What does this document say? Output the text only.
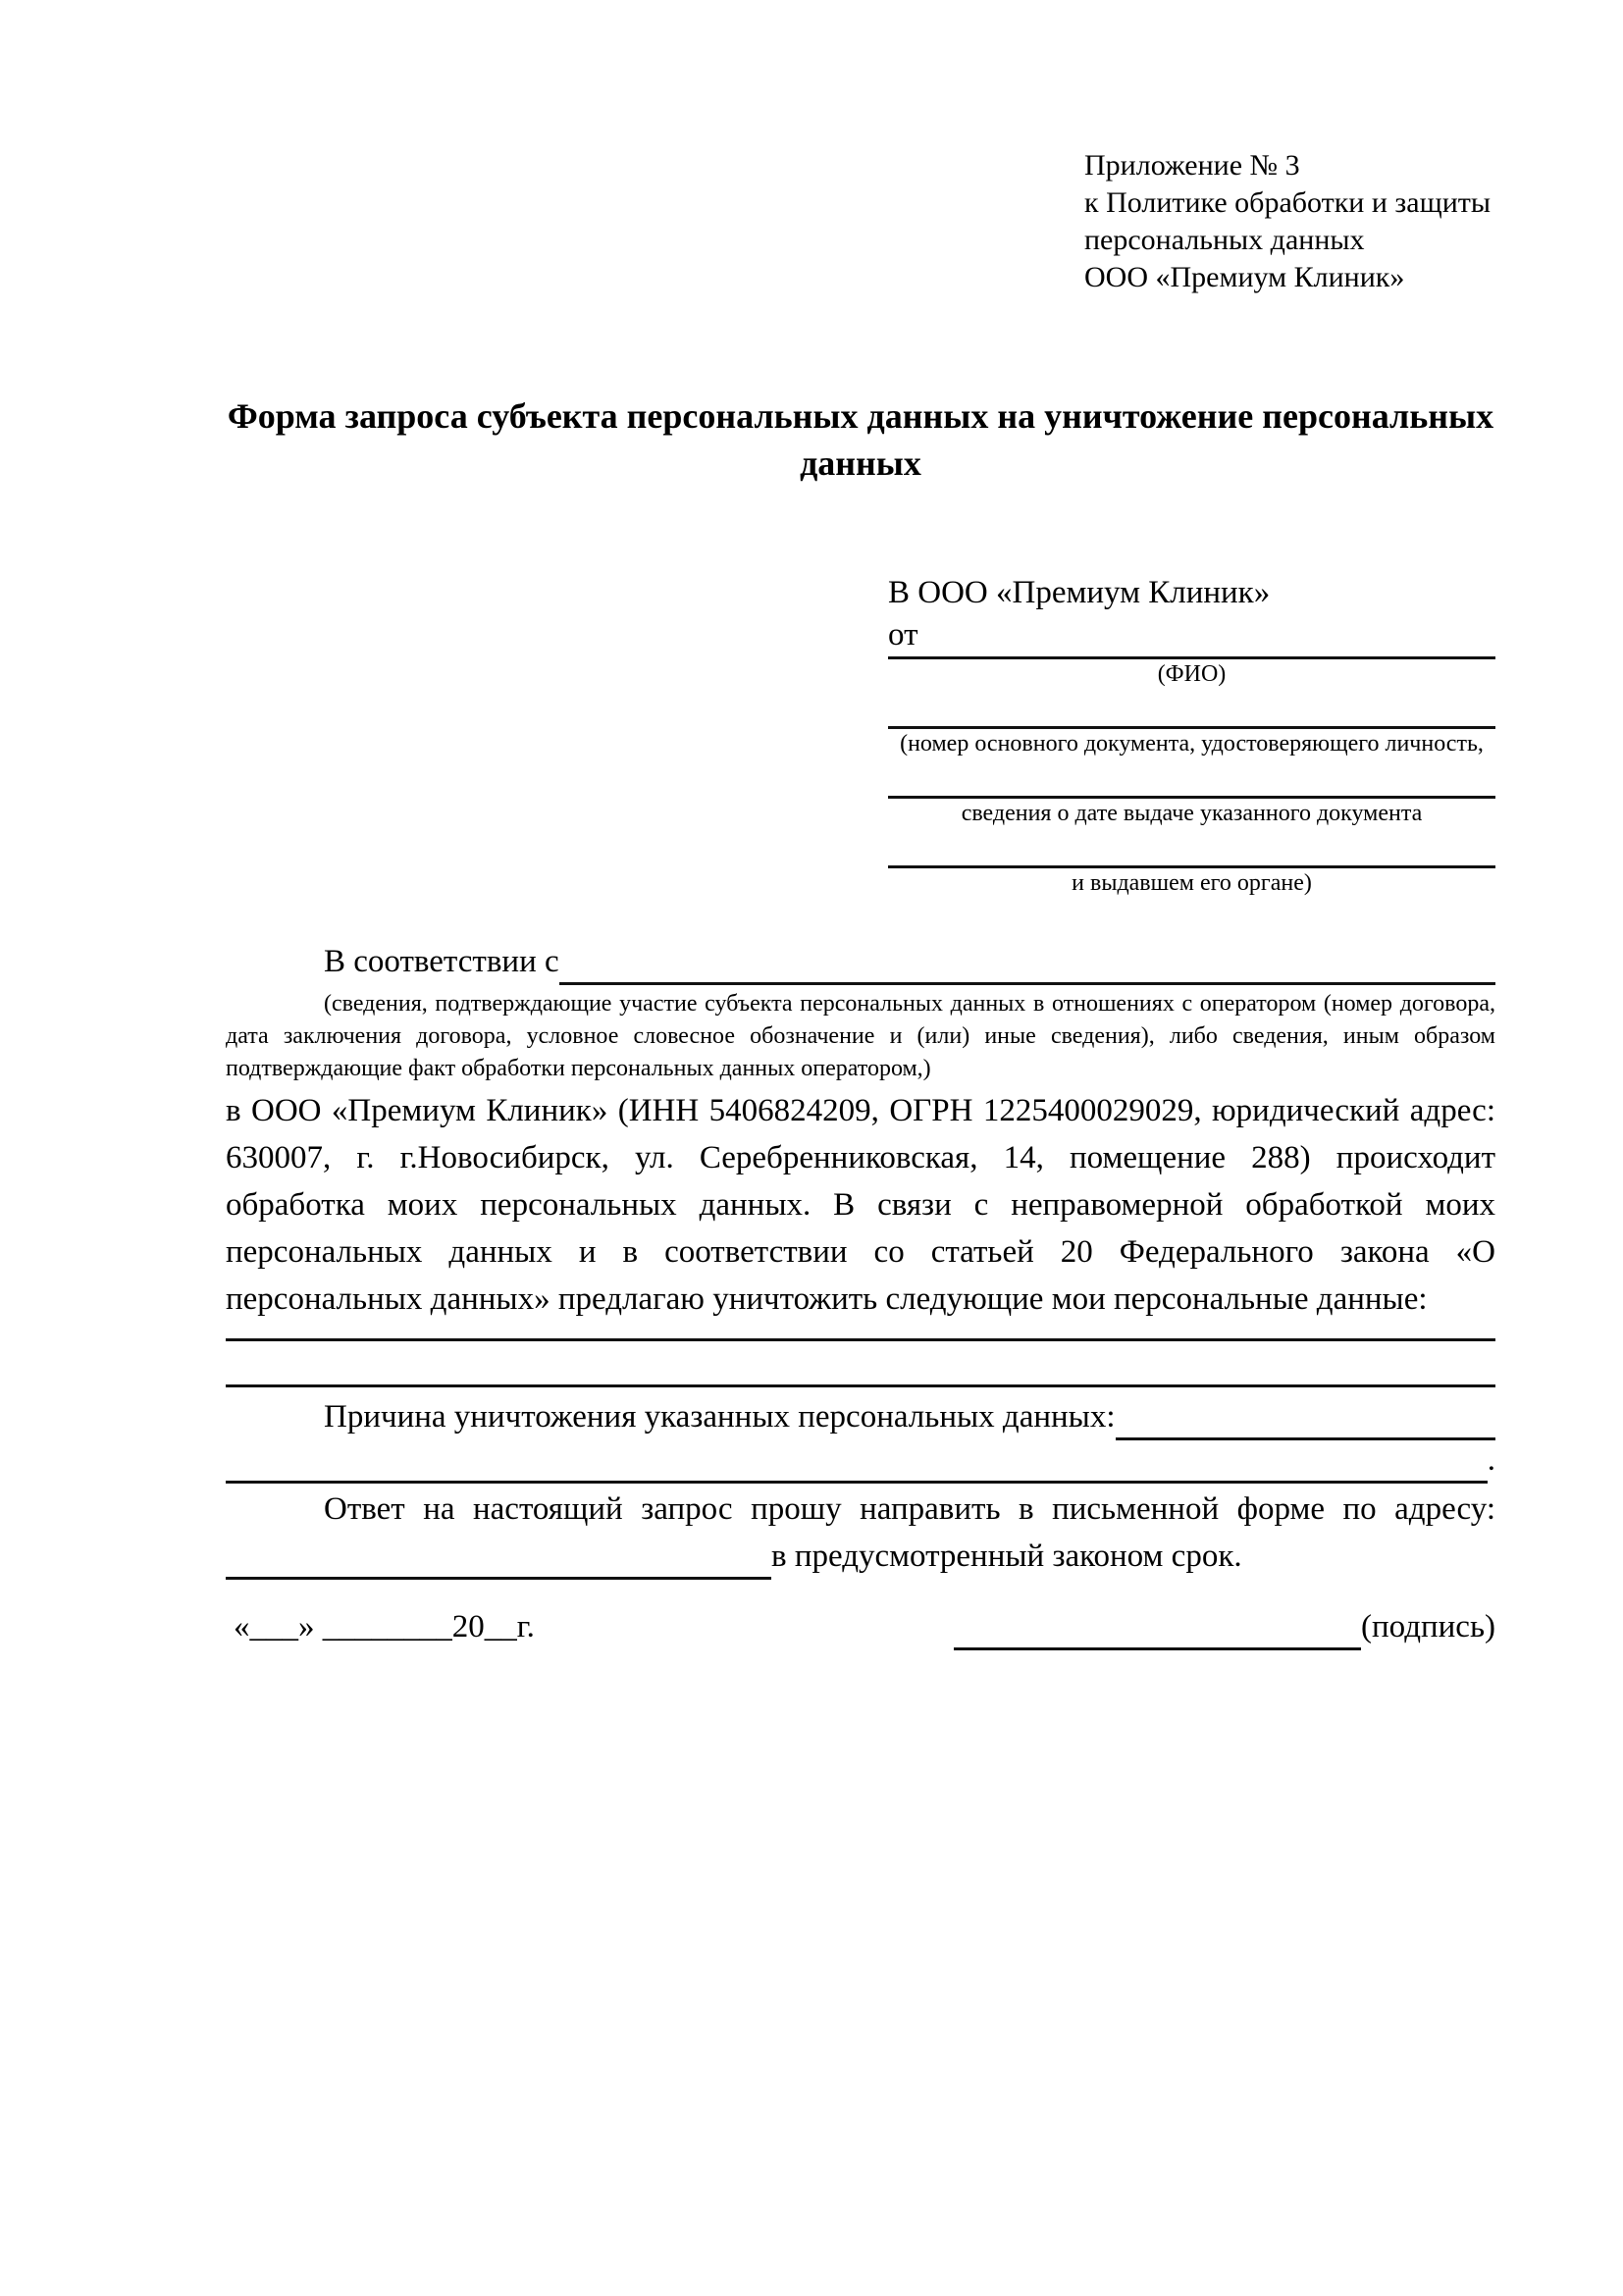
Приложение № 3
к Политике обработки и защиты
персональных данных
ООО «Премиум Клиник»
Форма запроса субъекта персональных данных на уничтожение персональных данных
В ООО «Премиум Клиник»
от
(ФИО)
(номер основного документа, удостоверяющего личность,
сведения о дате выдаче указанного документа
и выдавшем его органе)
В соответствии с

(сведения, подтверждающие участие субъекта персональных данных в отношениях с оператором (номер договора, дата заключения договора, условное словесное обозначение и (или) иные сведения), либо сведения, иным образом подтверждающие факт обработки персональных данных оператором,)

в ООО «Премиум Клиник» (ИНН 5406824209, ОГРН 1225400029029, юридический адрес: 630007, г. г.Новосибирск, ул. Серебренниковская, 14, помещение 288) происходит обработка моих персональных данных. В связи с неправомерной обработкой моих персональных данных и в соответствии со статьей 20 Федерального закона «О персональных данных» предлагаю уничтожить следующие мои персональные данные:

Причина уничтожения указанных персональных данных:
.

Ответ на настоящий запрос прошу направить в письменной форме по адресу:

в предусмотренный законом срок.
«___» ________20__г.	(подпись)
